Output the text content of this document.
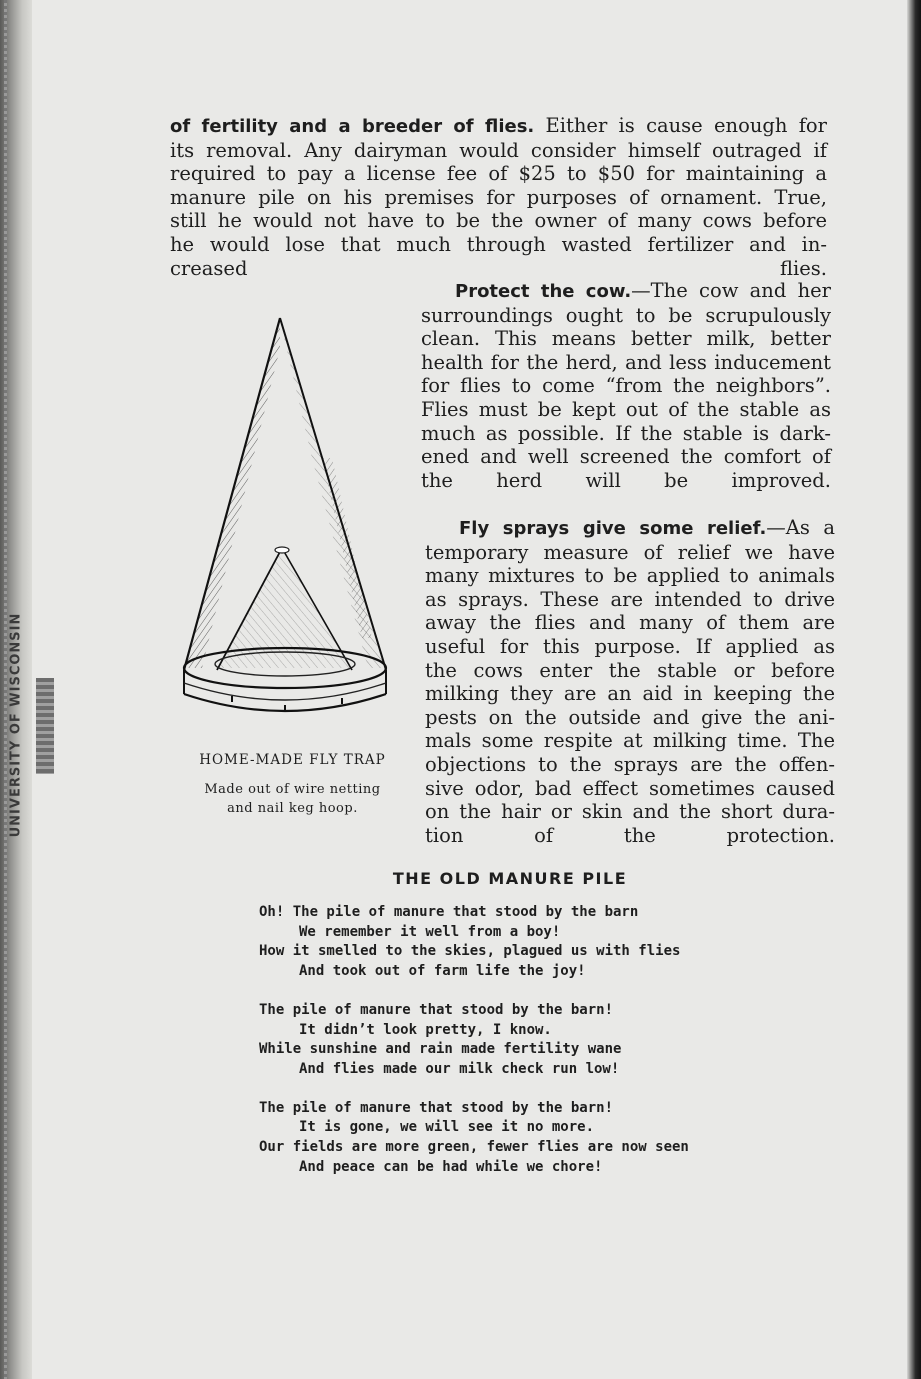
UNIVERSITY OF WISCONSIN
of fertility and a breeder of flies. Either is cause enough for
its removal. Any dairyman would consider himself outraged if
required to pay a license fee of $25 to $50 for maintaining a
manure pile on his premises for purposes of ornament. True,
still he would not have to be the owner of many cows before
he would lose that much through wasted fertilizer and in-
creased flies.
Protect the cow.—The cow and her
surroundings ought to be scrupulously
clean. This means better milk, better
health for the herd, and less inducement
for flies to come “from the neighbors”.
Flies must be kept out of the stable as
much as possible. If the stable is dark-
ened and well screened the comfort of
the herd will be improved.
Fly sprays give some relief.—As a
temporary measure of relief we have
many mixtures to be applied to animals
as sprays. These are intended to drive
away the flies and many of them are
useful for this purpose. If applied as
the cows enter the stable or before
milking they are an aid in keeping the
pests on the outside and give the ani-
mals some respite at milking time. The
objections to the sprays are the offen-
sive odor, bad effect sometimes caused
on the hair or skin and the short dura-
tion of the protection.
HOME-MADE FLY TRAP
Made out of wire netting
and nail keg hoop.
THE OLD MANURE PILE
Oh! The pile of manure that stood by the barn
We remember it well from a boy!
How it smelled to the skies, plagued us with flies
And took out of farm life the joy!
The pile of manure that stood by the barn!
It didn’t look pretty, I know.
While sunshine and rain made fertility wane
And flies made our milk check run low!
The pile of manure that stood by the barn!
It is gone, we will see it no more.
Our fields are more green, fewer flies are now seen
And peace can be had while we chore!
